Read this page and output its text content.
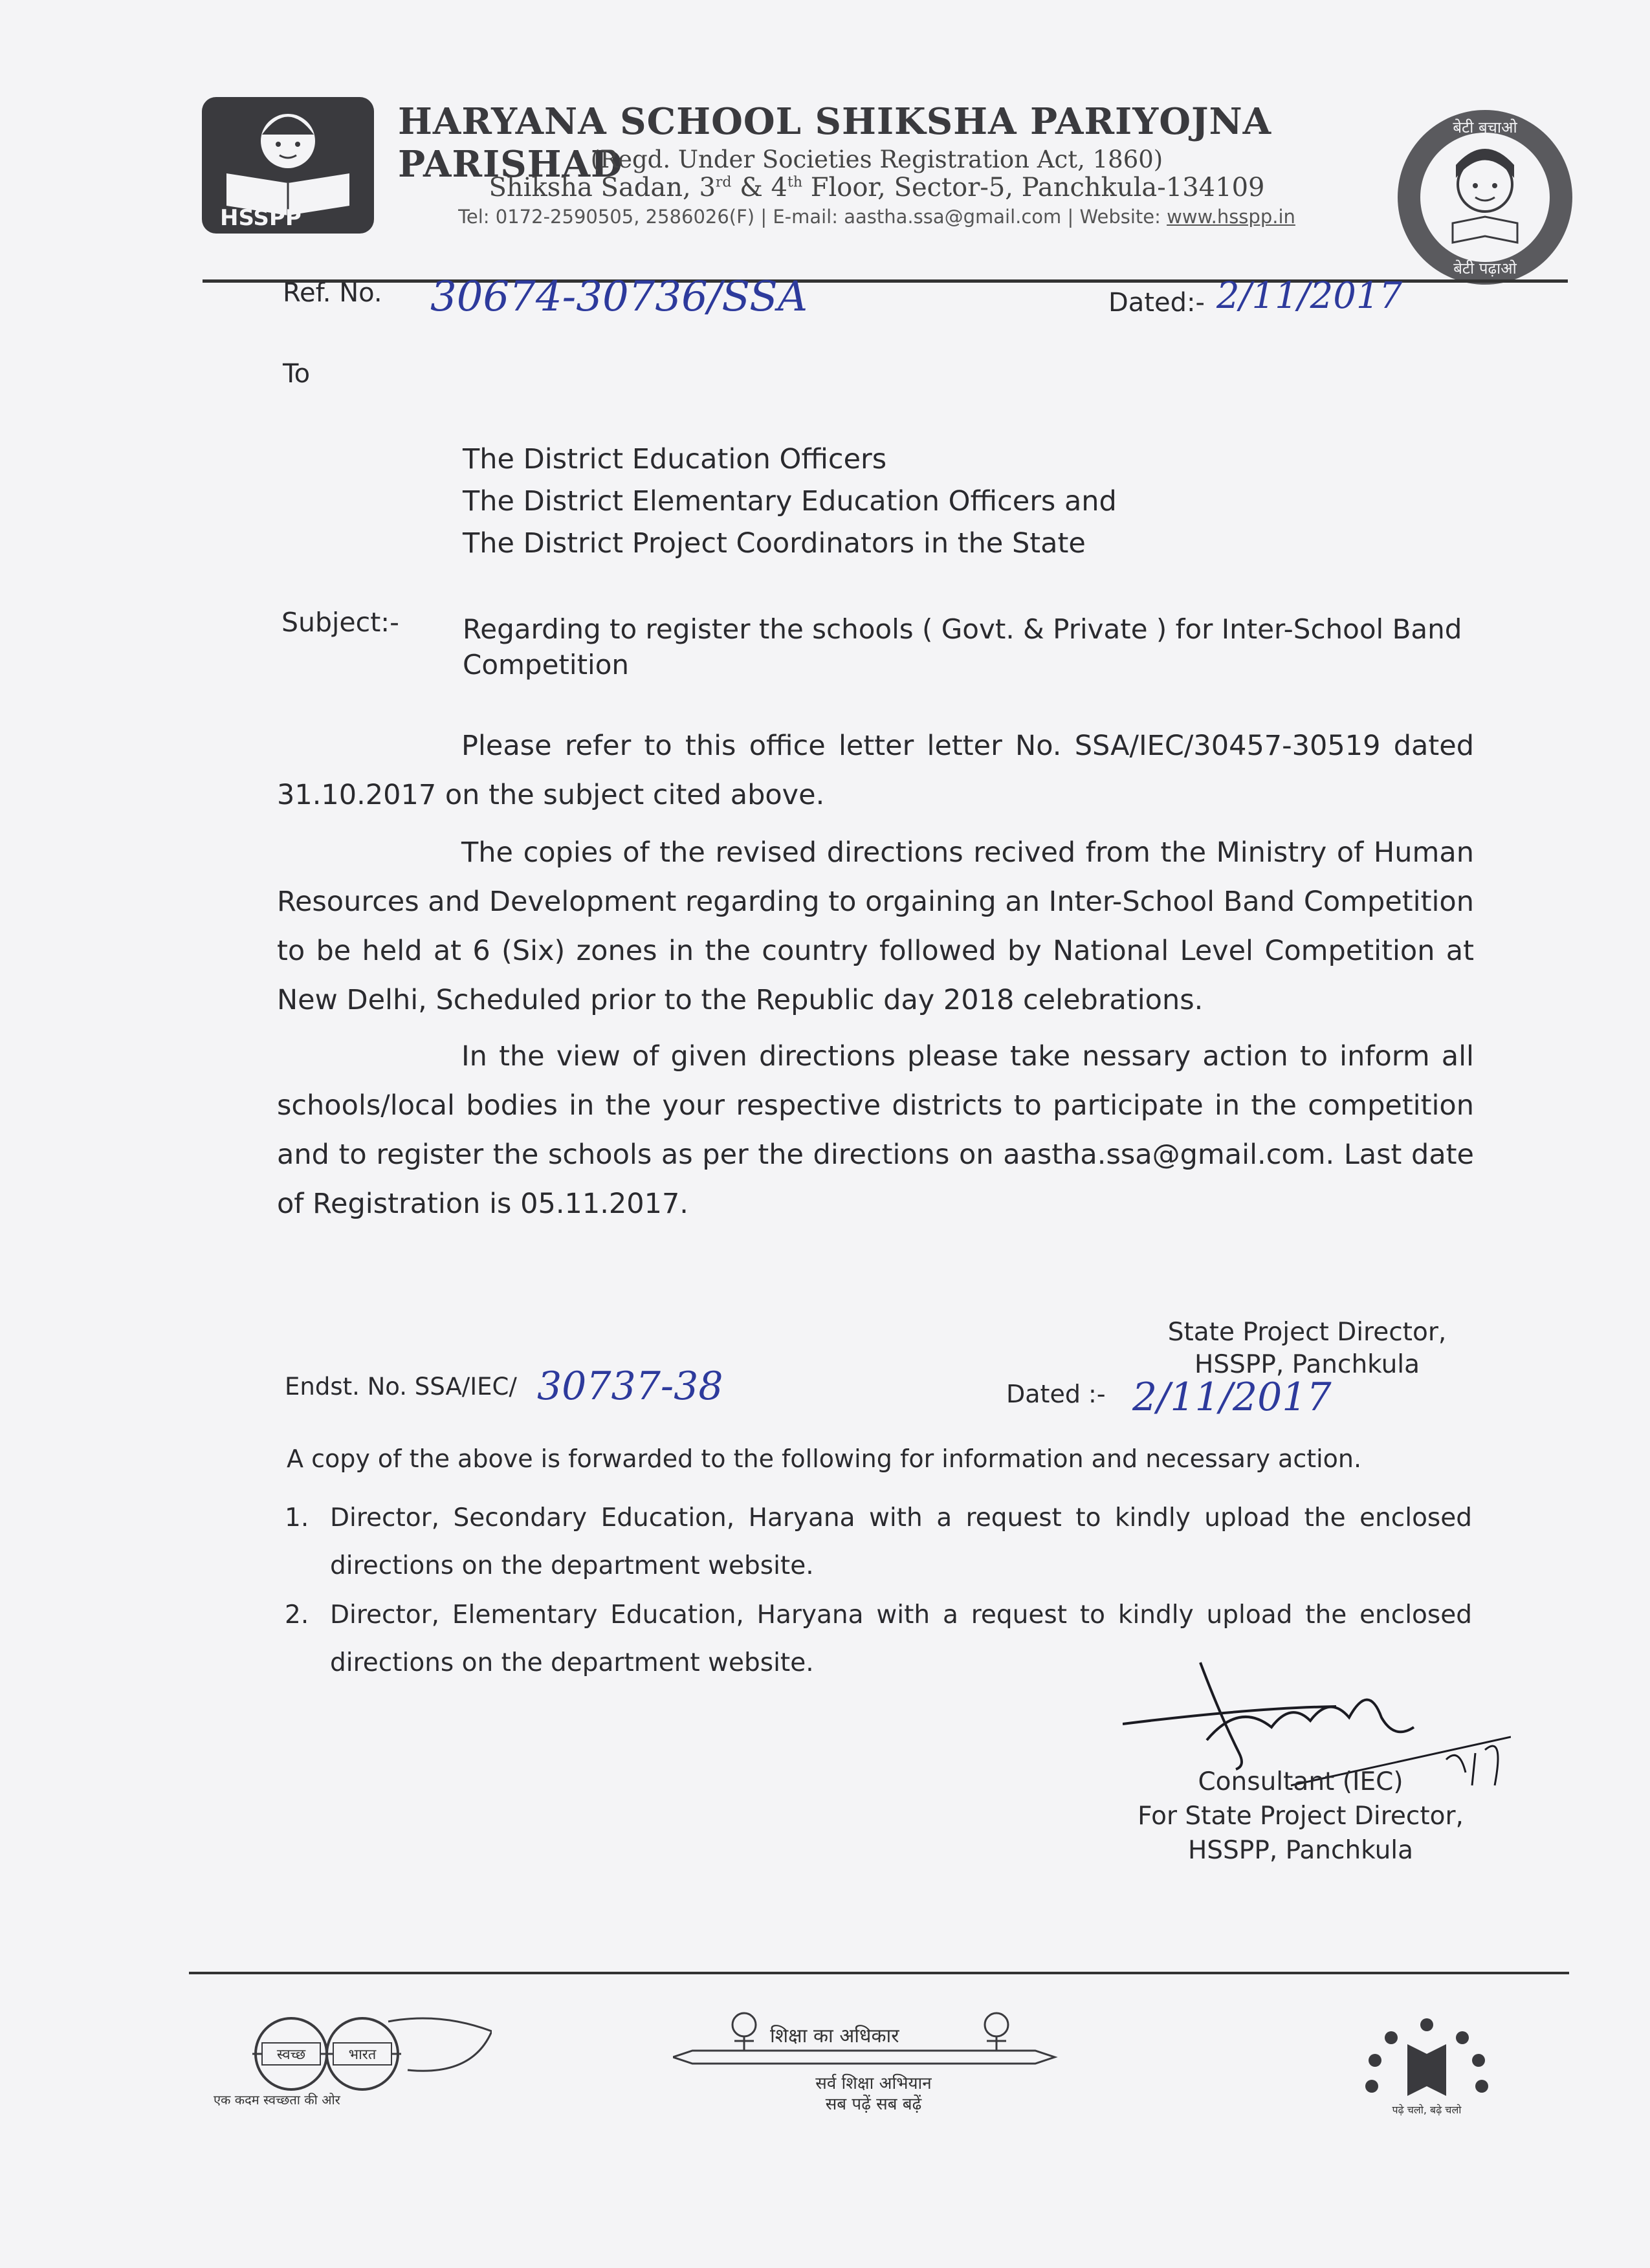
HSSPP
HARYANA SCHOOL SHIKSHA PARIYOJNA PARISHAD
(Regd. Under Societies Registration Act, 1860)
Shiksha Sadan, 3rd & 4th Floor, Sector-5, Panchkula-134109
Tel: 0172-2590505, 2586026(F) | E-mail: aastha.ssa@gmail.com | Website: www.hsspp.in
बेटी बचाओ
बेटी पढ़ाओ
Ref. No. 30674-30736/SSA	Dated:- 2/11/2017
To
The District Education Officers
The District Elementary Education Officers and
The District Project Coordinators in the State
Subject:- Regarding to register the schools ( Govt. & Private ) for Inter-School Band Competition

Please refer to this office letter letter No. SSA/IEC/30457-30519 dated 31.10.2017 on the subject cited above.

The copies of the revised directions recived from the Ministry of Human Resources and Development regarding to orgaining an Inter-School Band Competition to be held at 6 (Six) zones in the country followed by National Level Competition at New Delhi, Scheduled prior to the Republic day 2018 celebrations.

In the view of given directions please take nessary action to inform all schools/local bodies in the your respective districts to participate in the competition and to register the schools as per the directions on aastha.ssa@gmail.com. Last date of Registration is 05.11.2017.

State Project Director,
HSSPP, Panchkula
Endst. No. SSA/IEC/ 30737-38	Dated :- 2/11/2017
A copy of the above is forwarded to the following for information and necessary action.
1. Director, Secondary Education, Haryana with a request to kindly upload the enclosed directions on the department website.
2. Director, Elementary Education, Haryana with a request to kindly upload the enclosed directions on the department website.
Consultant (IEC)
For State Project Director,
HSSPP, Panchkula
स्वच्छ	भारत
एक कदम स्वच्छता की ओर
शिक्षा का अधिकार
सर्व शिक्षा अभियान
सब पढ़ें सब बढ़ें	पढ़े चलो, बढ़े चलो
